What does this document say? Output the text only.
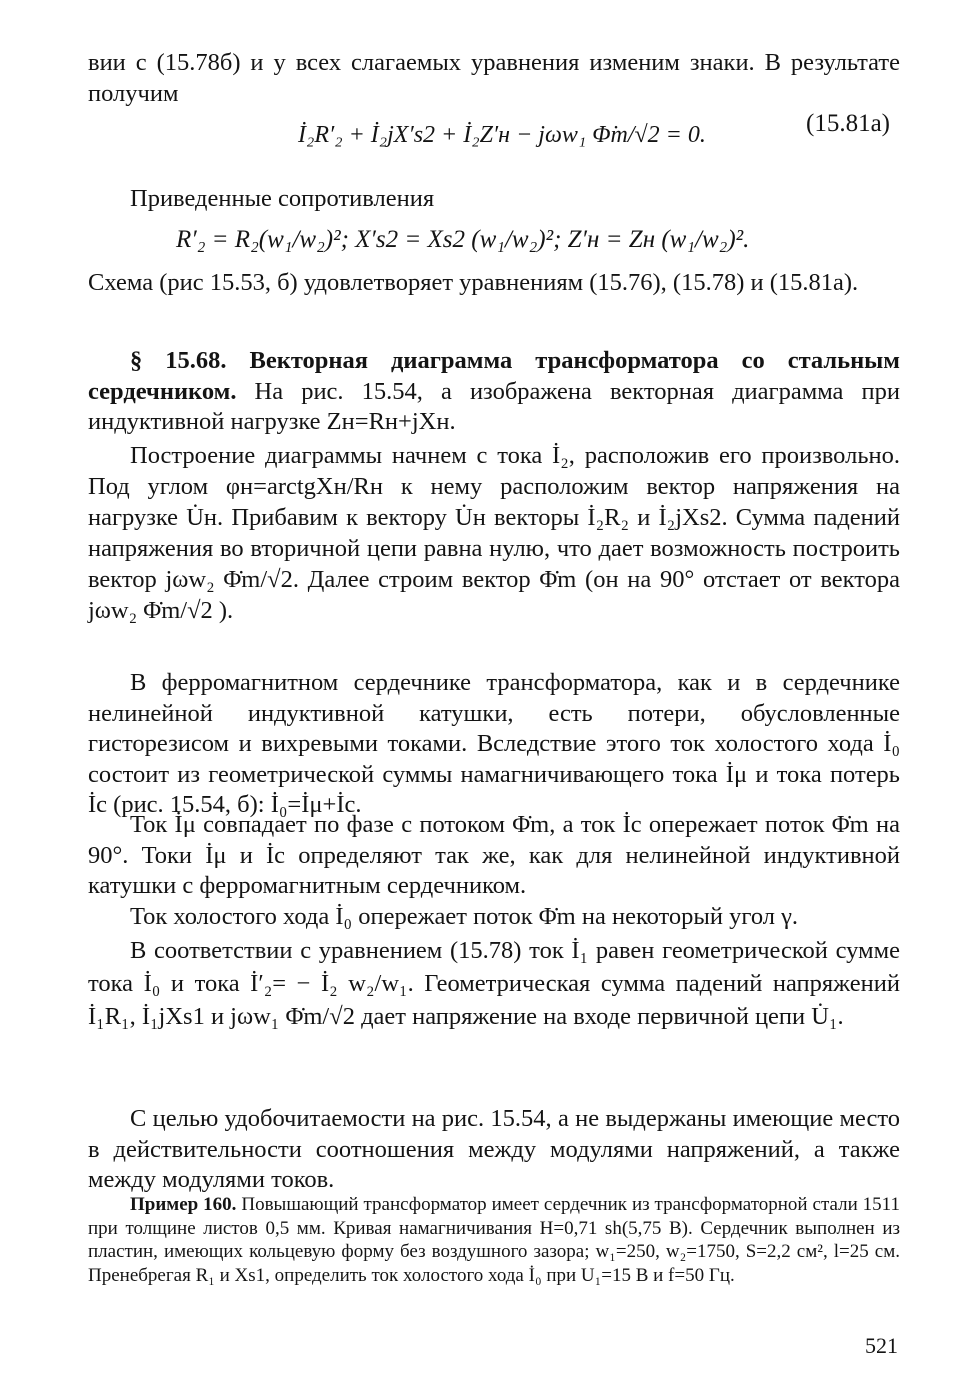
вии с (15.78б) и у всех слагаемых уравнения изменим знаки. В результате получим

İ₂R′₂ + İ₂jX′s2 + İ₂Z′н − jωw₁ Φ̇m/√2 = 0.	(15.81а)

Приведенные сопротивления

R′₂ = R₂(w₁/w₂)²; X′s2 = Xs2 (w₁/w₂)²; Z′н = Zн (w₁/w₂)².

Схема (рис 15.53, б) удовлетворяет уравнениям (15.76), (15.78) и (15.81а).

§ 15.68. Векторная диаграмма трансформатора со стальным сердечником. На рис. 15.54, а изображена векторная диаграмма при индуктивной нагрузке Zн=Rн+jXн.

Построение диаграммы начнем с тока İ₂, расположив его произвольно. Под углом φн=arctgXн/Rн к нему расположим вектор напряжения на нагрузке U̇н. Прибавим к вектору U̇н векторы İ₂R₂ и İ₂jXs2. Сумма падений напряжения во вторичной цепи равна нулю, что дает возможность построить вектор jωw₂ Φ̇m/√2. Далее строим вектор Φ̇m (он на 90° отстает от вектора jωw₂ Φ̇m/√2 ).

В ферромагнитном сердечнике трансформатора, как и в сердечнике нелинейной индуктивной катушки, есть потери, обусловленные гисторезисом и вихревыми токами. Вследствие этого ток холостого хода İ₀ состоит из геометрической суммы намагничивающего тока İμ и тока потерь İc (рис. 15.54, б): İ₀=İμ+İc.

Ток İμ совпадает по фазе с потоком Φ̇m, а ток İc опережает поток Φ̇m на 90°. Токи İμ и İc определяют так же, как для нелинейной индуктивной катушки с ферромагнитным сердечником.

Ток холостого хода İ₀ опережает поток Φ̇m на некоторый угол γ.

В соответствии с уравнением (15.78) ток İ₁ равен геометрической сумме тока İ₀ и тока İ′₂= − İ₂ w₂/w₁. Геометрическая сумма падений напряжений İ₁R₁, İ₁jXs1 и jωw₁ Φ̇m/√2 дает напряжение на входе первичной цепи U̇₁.

С целью удобочитаемости на рис. 15.54, а не выдержаны имеющие место в действительности соотношения между модулями напряжений, а также между модулями токов.

Пример 160. Повышающий трансформатор имеет сердечник из трансформаторной стали 1511 при толщине листов 0,5 мм. Кривая намагничивания H=0,71 sh(5,75 B). Сердечник выполнен из пластин, имеющих кольцевую форму без воздушного зазора; w₁=250, w₂=1750, S=2,2 см², l=25 см. Пренебрегая R₁ и Xs1, определить ток холостого хода İ₀ при U₁=15 В и f=50 Гц.

521
